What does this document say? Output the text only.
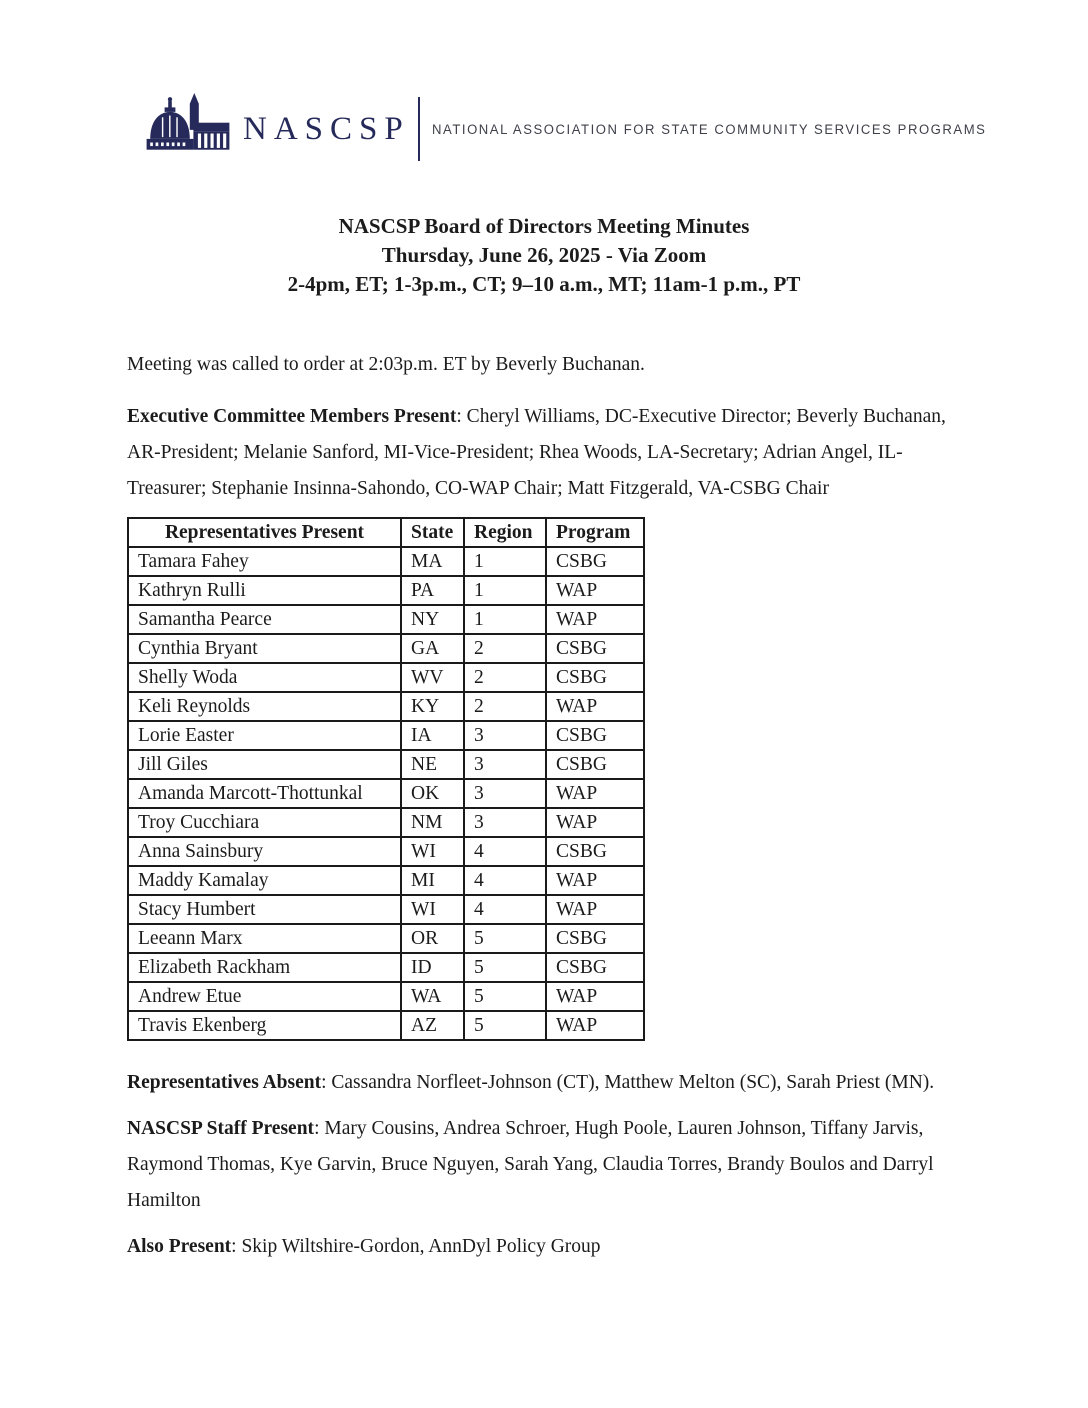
NASCSP NATIONAL ASSOCIATION FOR STATE COMMUNITY SERVICES PROGRAMS
NASCSP Board of Directors Meeting Minutes
Thursday, June 26, 2025 - Via Zoom
2-4pm, ET; 1-3p.m., CT; 9–10 a.m., MT; 11am-1 p.m., PT

Meeting was called to order at 2:03p.m. ET by Beverly Buchanan.

Executive Committee Members Present: Cheryl Williams, DC-Executive Director; Beverly Buchanan, AR-President; Melanie Sanford, MI-Vice-President; Rhea Woods, LA-Secretary; Adrian Angel, IL-Treasurer; Stephanie Insinna-Sahondo, CO-WAP Chair; Matt Fitzgerald, VA-CSBG Chair

Representatives Present	State	Region	Program
Tamara Fahey	MA	1	CSBG
Kathryn Rulli	PA	1	WAP
Samantha Pearce	NY	1	WAP
Cynthia Bryant	GA	2	CSBG
Shelly Woda	WV	2	CSBG
Keli Reynolds	KY	2	WAP
Lorie Easter	IA	3	CSBG
Jill Giles	NE	3	CSBG
Amanda Marcott-Thottunkal	OK	3	WAP
Troy Cucchiara	NM	3	WAP
Anna Sainsbury	WI	4	CSBG
Maddy Kamalay	MI	4	WAP
Stacy Humbert	WI	4	WAP
Leeann Marx	OR	5	CSBG
Elizabeth Rackham	ID	5	CSBG
Andrew Etue	WA	5	WAP
Travis Ekenberg	AZ	5	WAP

Representatives Absent: Cassandra Norfleet-Johnson (CT), Matthew Melton (SC), Sarah Priest (MN).

NASCSP Staff Present: Mary Cousins, Andrea Schroer, Hugh Poole, Lauren Johnson, Tiffany Jarvis, Raymond Thomas, Kye Garvin, Bruce Nguyen, Sarah Yang, Claudia Torres, Brandy Boulos and Darryl Hamilton

Also Present: Skip Wiltshire-Gordon, AnnDyl Policy Group
